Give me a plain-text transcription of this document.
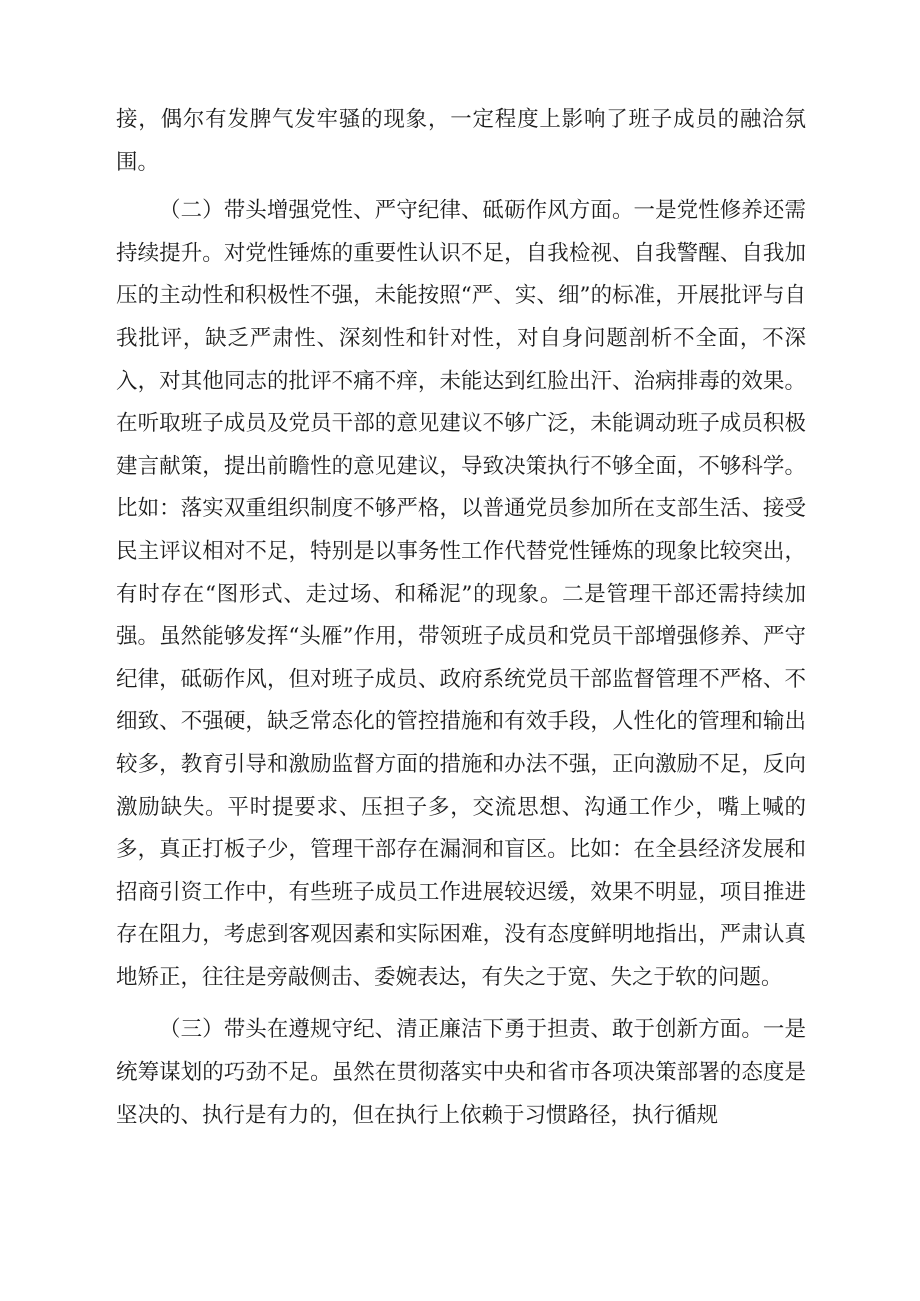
接，偶尔有发脾气发牢骚的现象，一定程度上影响了班子成员的融洽氛围。

（二）带头增强党性、严守纪律、砥砺作风方面。一是党性修养还需持续提升。对党性锤炼的重要性认识不足，自我检视、自我警醒、自我加压的主动性和积极性不强，未能按照“严、实、细”的标准，开展批评与自我批评，缺乏严肃性、深刻性和针对性，对自身问题剖析不全面，不深入，对其他同志的批评不痛不痒，未能达到红脸出汗、治病排毒的效果。在听取班子成员及党员干部的意见建议不够广泛，未能调动班子成员积极建言献策，提出前瞻性的意见建议，导致决策执行不够全面，不够科学。比如：落实双重组织制度不够严格，以普通党员参加所在支部生活、接受民主评议相对不足，特别是以事务性工作代替党性锤炼的现象比较突出，有时存在“图形式、走过场、和稀泥”的现象。二是管理干部还需持续加强。虽然能够发挥“头雁”作用，带领班子成员和党员干部增强修养、严守纪律，砥砺作风，但对班子成员、政府系统党员干部监督管理不严格、不细致、不强硬，缺乏常态化的管控措施和有效手段，人性化的管理和输出较多，教育引导和激励监督方面的措施和办法不强，正向激励不足，反向激励缺失。平时提要求、压担子多，交流思想、沟通工作少，嘴上喊的多，真正打板子少，管理干部存在漏洞和盲区。比如：在全县经济发展和招商引资工作中，有些班子成员工作进展较迟缓，效果不明显，项目推进存在阻力，考虑到客观因素和实际困难，没有态度鲜明地指出，严肃认真地矫正，往往是旁敲侧击、委婉表达，有失之于宽、失之于软的问题。

（三）带头在遵规守纪、清正廉洁下勇于担责、敢于创新方面。一是统筹谋划的巧劲不足。虽然在贯彻落实中央和省市各项决策部署的态度是坚决的、执行是有力的，但在执行上依赖于习惯路径，执行循规
